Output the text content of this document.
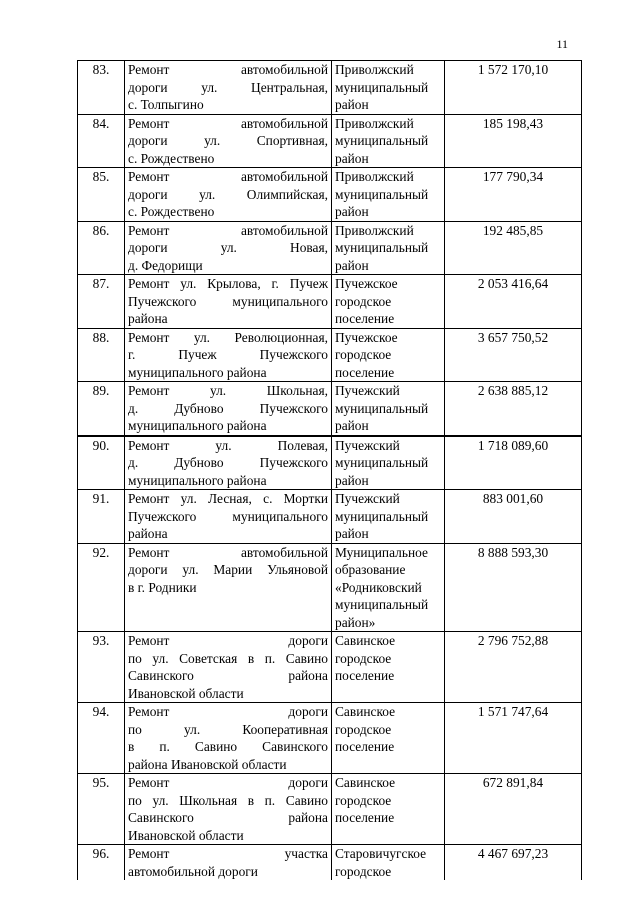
11
83.	Ремонт автомобильной
дороги ул. Центральная,
с. Толпыгино	Приволжский муниципальный район	1 572 170,10
84.	Ремонт автомобильной
дороги ул. Спортивная,
с. Рождествено	Приволжский муниципальный район	185 198,43
85.	Ремонт автомобильной
дороги ул. Олимпийская,
с. Рождествено	Приволжский муниципальный район	177 790,34
86.	Ремонт автомобильной
дороги ул. Новая,
д. Федорищи	Приволжский муниципальный район	192 485,85
87.	Ремонт ул. Крылова, г. Пучеж
Пучежского муниципального
района	Пучежское городское поселение	2 053 416,64
88.	Ремонт ул. Революционная,
г. Пучеж Пучежского
муниципального района	Пучежское городское поселение	3 657 750,52
89.	Ремонт ул. Школьная,
д. Дубново Пучежского
муниципального района	Пучежский муниципальный район	2 638 885,12
90.	Ремонт ул. Полевая,
д. Дубново Пучежского
муниципального района	Пучежский муниципальный район	1 718 089,60
91.	Ремонт ул. Лесная, с. Мортки
Пучежского муниципального
района	Пучежский муниципальный район	883 001,60
92.	Ремонт автомобильной
дороги ул. Марии Ульяновой
в г. Родники	Муниципальное образование «Родниковский муниципальный район»	8 888 593,30
93.	Ремонт дороги
по ул. Советская в п. Савино
Савинского района
Ивановской области	Савинское городское поселение	2 796 752,88
94.	Ремонт дороги
по ул. Кооперативная
в п. Савино Савинского
района Ивановской области	Савинское городское поселение	1 571 747,64
95.	Ремонт дороги
по ул. Школьная в п. Савино
Савинского района
Ивановской области	Савинское городское поселение	672 891,84
96.	Ремонт участка
автомобильной дороги	Старовичугское городское	4 467 697,23
